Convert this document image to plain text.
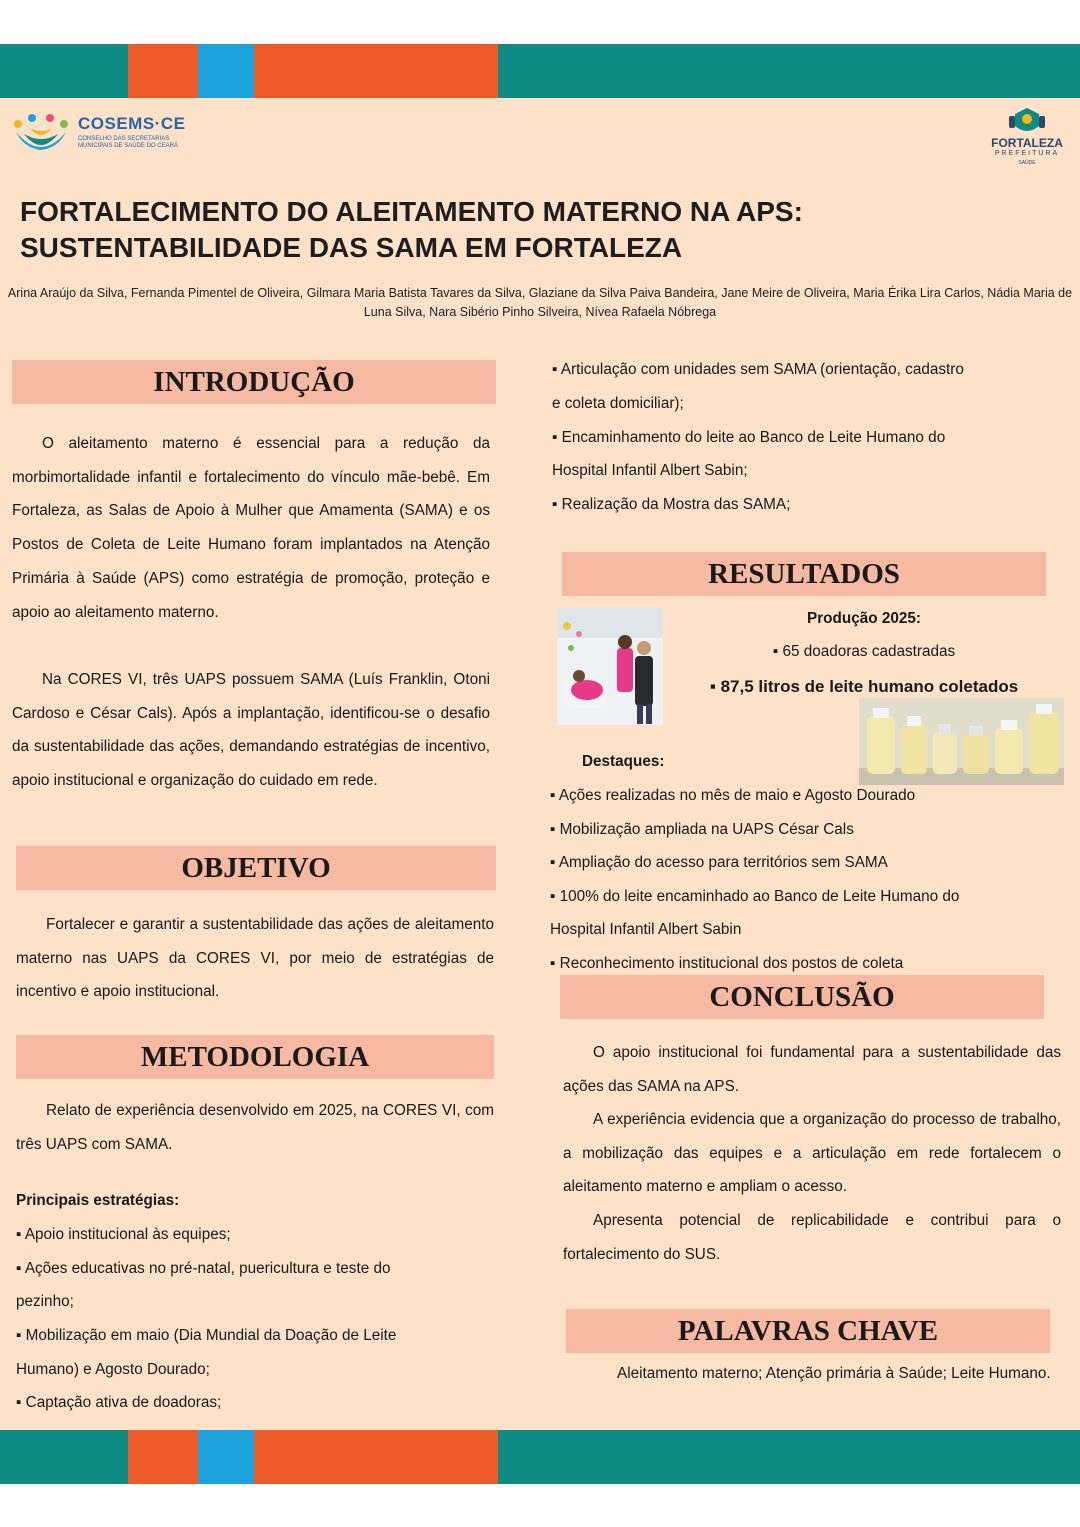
COSEMS·CE
CONSELHO DAS SECRETARIAS MUNICIPAIS DE SAÚDE DO CEARÁ	FORTALEZA
PREFEITURA
SAÚDE
FORTALECIMENTO DO ALEITAMENTO MATERNO NA APS:
SUSTENTABILIDADE DAS SAMA EM FORTALEZA

Arina Araújo da Silva, Fernanda Pimentel de Oliveira, Gilmara Maria Batista Tavares da Silva, Glaziane da Silva Paiva Bandeira, Jane Meire de Oliveira, Maria Érika Lira Carlos, Nádia Maria de Luna Silva, Nara Sibério Pinho Silveira, Nívea Rafaela Nóbrega

INTRODUÇÃO

O aleitamento materno é essencial para a redução da morbimortalidade infantil e fortalecimento do vínculo mãe-bebê. Em Fortaleza, as Salas de Apoio à Mulher que Amamenta (SAMA) e os Postos de Coleta de Leite Humano foram implantados na Atenção Primária à Saúde (APS) como estratégia de promoção, proteção e apoio ao aleitamento materno.

Na CORES VI, três UAPS possuem SAMA (Luís Franklin, Otoni Cardoso e César Cals). Após a implantação, identificou-se o desafio da sustentabilidade das ações, demandando estratégias de incentivo, apoio institucional e organização do cuidado em rede.

OBJETIVO

Fortalecer e garantir a sustentabilidade das ações de aleitamento materno nas UAPS da CORES VI, por meio de estratégias de incentivo e apoio institucional.

METODOLOGIA

Relato de experiência desenvolvido em 2025, na CORES VI, com três UAPS com SAMA.

Principais estratégias:
▪ Apoio institucional às equipes;
▪ Ações educativas no pré-natal, puericultura e teste do
pezinho;
▪ Mobilização em maio (Dia Mundial da Doação de Leite
Humano) e Agosto Dourado;
▪ Captação ativa de doadoras;
▪ Articulação com unidades sem SAMA (orientação, cadastro
e coleta domiciliar);
▪ Encaminhamento do leite ao Banco de Leite Humano do
Hospital Infantil Albert Sabin;
▪ Realização da Mostra das SAMA;
RESULTADOS
Produção 2025:
▪ 65 doadoras cadastradas
▪ 87,5 litros de leite humano coletados
Destaques:
▪ Ações realizadas no mês de maio e Agosto Dourado
▪ Mobilização ampliada na UAPS César Cals
▪ Ampliação do acesso para territórios sem SAMA
▪ 100% do leite encaminhado ao Banco de Leite Humano do
Hospital Infantil Albert Sabin
▪ Reconhecimento institucional dos postos de coleta
CONCLUSÃO

O apoio institucional foi fundamental para a sustentabilidade das ações das SAMA na APS.

A experiência evidencia que a organização do processo de trabalho, a mobilização das equipes e a articulação em rede fortalecem o aleitamento materno e ampliam o acesso.

Apresenta potencial de replicabilidade e contribui para o fortalecimento do SUS.

PALAVRAS CHAVE

Aleitamento materno; Atenção primária à Saúde; Leite Humano.
